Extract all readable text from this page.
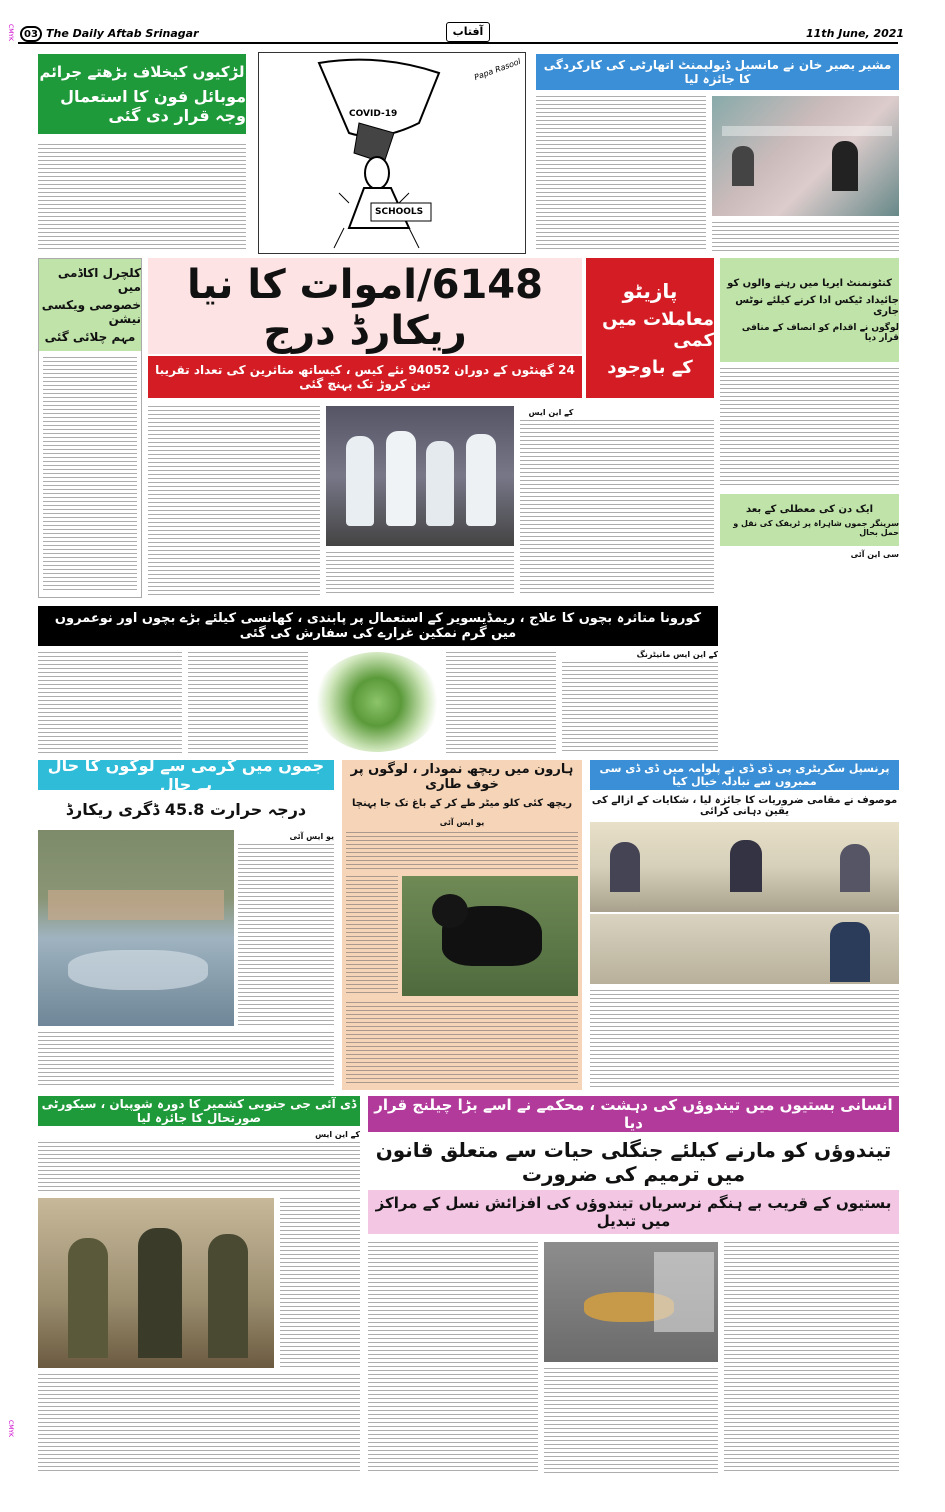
CMYK	03 The Daily Aftab Srinagar	آفتاب	11th June, 2021
لڑکیوں کیخلاف بڑھتے جرائم
موبائل فون کا استعمال وجہ قرار دی گئی	COVID-19
SCHOOLS
Papa Rasool	مشیر بصیر خان نے مانسبل ڈیولپمنٹ اتھارٹی کی کارکردگی کا جائزہ لیا
کلچرل اکاڈمی میں
خصوصی ویکسی نیشن
مہم چلائی گئی
6148/اموات کا نیا ریکارڈ درج
پازیٹو
معاملات میں کمی
کے باوجود
24 گھنٹوں کے دوران 94052 نئے کیس ، کیساتھ متاثرین کی تعداد تقریبا تین کروڑ تک پہنچ گئی
کے این ایس
کنٹونمنٹ ایریا میں رہنے والوں کو
جائیداد ٹیکس ادا کرنے کیلئے نوٹس جاری
لوگوں نے اقدام کو انصاف کے منافی قرار دیا
ایک دن کی معطلی کے بعد
سرینگر جموں شاہراہ پر ٹریفک کی نقل و حمل بحال
سی این آئی
کورونا متاثرہ بچوں کا علاج ، ریمڈیسویر کے استعمال پر پابندی ، کھانسی کیلئے بڑے بچوں اور نوعمروں میں گرم نمکین غرارے کی سفارش کی گئی
کے این ایس مانیٹرنگ
جموں میں گرمی سے لوگوں کا حال بے حال
درجہ حرارت 45.8 ڈگری ریکارڈ
یو ایس آئی
ہارون میں ریچھ نمودار ، لوگوں پر خوف طاری
ریچھ کئی کلو میٹر طے کر کے باغ تک جا پہنچا
یو ایس آئی
پرنسپل سکریٹری پی ڈی ڈی نے پلوامہ میں ڈی ڈی سی ممبروں سے تبادلہ خیال کیا
موصوف نے مقامی ضروریات کا جائزہ لیا ، شکایات کے ازالے کی یقین دہانی کرائی
ڈی آئی جی جنوبی کشمیر کا دورہ شوپیان ، سیکورٹی صورتحال کا جائزہ لیا
کے این ایس
انسانی بستیوں میں تیندوؤں کی دہشت ، محکمے نے اسے بڑا چیلنج قرار دیا
تیندوؤں کو مارنے کیلئے جنگلی حیات سے متعلق قانون میں ترمیم کی ضرورت
بستیوں کے قریب بے ہنگم نرسریاں تیندوؤں کی افزائش نسل کے مراکز میں تبدیل
CMYK
